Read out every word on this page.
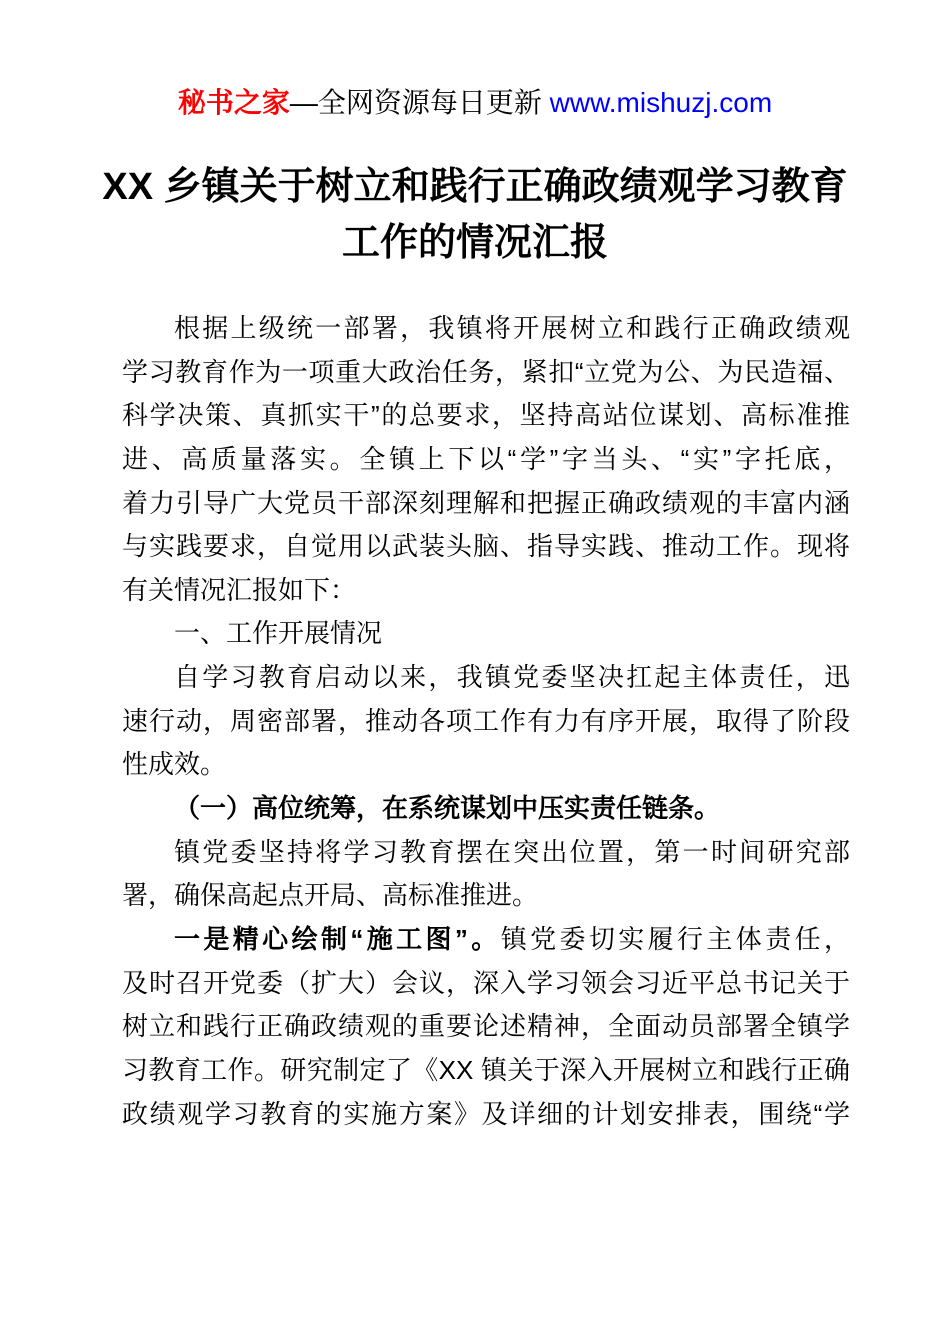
秘书之家—全网资源每日更新 www.mishuzj.com
XX 乡镇关于树立和践行正确政绩观学习教育
工作的情况汇报
根据上级统一部署，我镇将开展树立和践行正确政绩观
学习教育作为一项重大政治任务，紧扣“立党为公、为民造福、
科学决策、真抓实干”的总要求，坚持高站位谋划、高标准推
进、高质量落实。全镇上下以“学”字当头、“实”字托底，
着力引导广大党员干部深刻理解和把握正确政绩观的丰富内涵
与实践要求，自觉用以武装头脑、指导实践、推动工作。现将
有关情况汇报如下：
一、工作开展情况
自学习教育启动以来，我镇党委坚决扛起主体责任，迅
速行动，周密部署，推动各项工作有力有序开展，取得了阶段
性成效。
（一）高位统筹，在系统谋划中压实责任链条。
镇党委坚持将学习教育摆在突出位置，第一时间研究部
署，确保高起点开局、高标准推进。
一是精心绘制“施工图”。镇党委切实履行主体责任，
及时召开党委（扩大）会议，深入学习领会习近平总书记关于
树立和践行正确政绩观的重要论述精神，全面动员部署全镇学
习教育工作。研究制定了《XX 镇关于深入开展树立和践行正确
政绩观学习教育的实施方案》及详细的计划安排表，围绕“学
